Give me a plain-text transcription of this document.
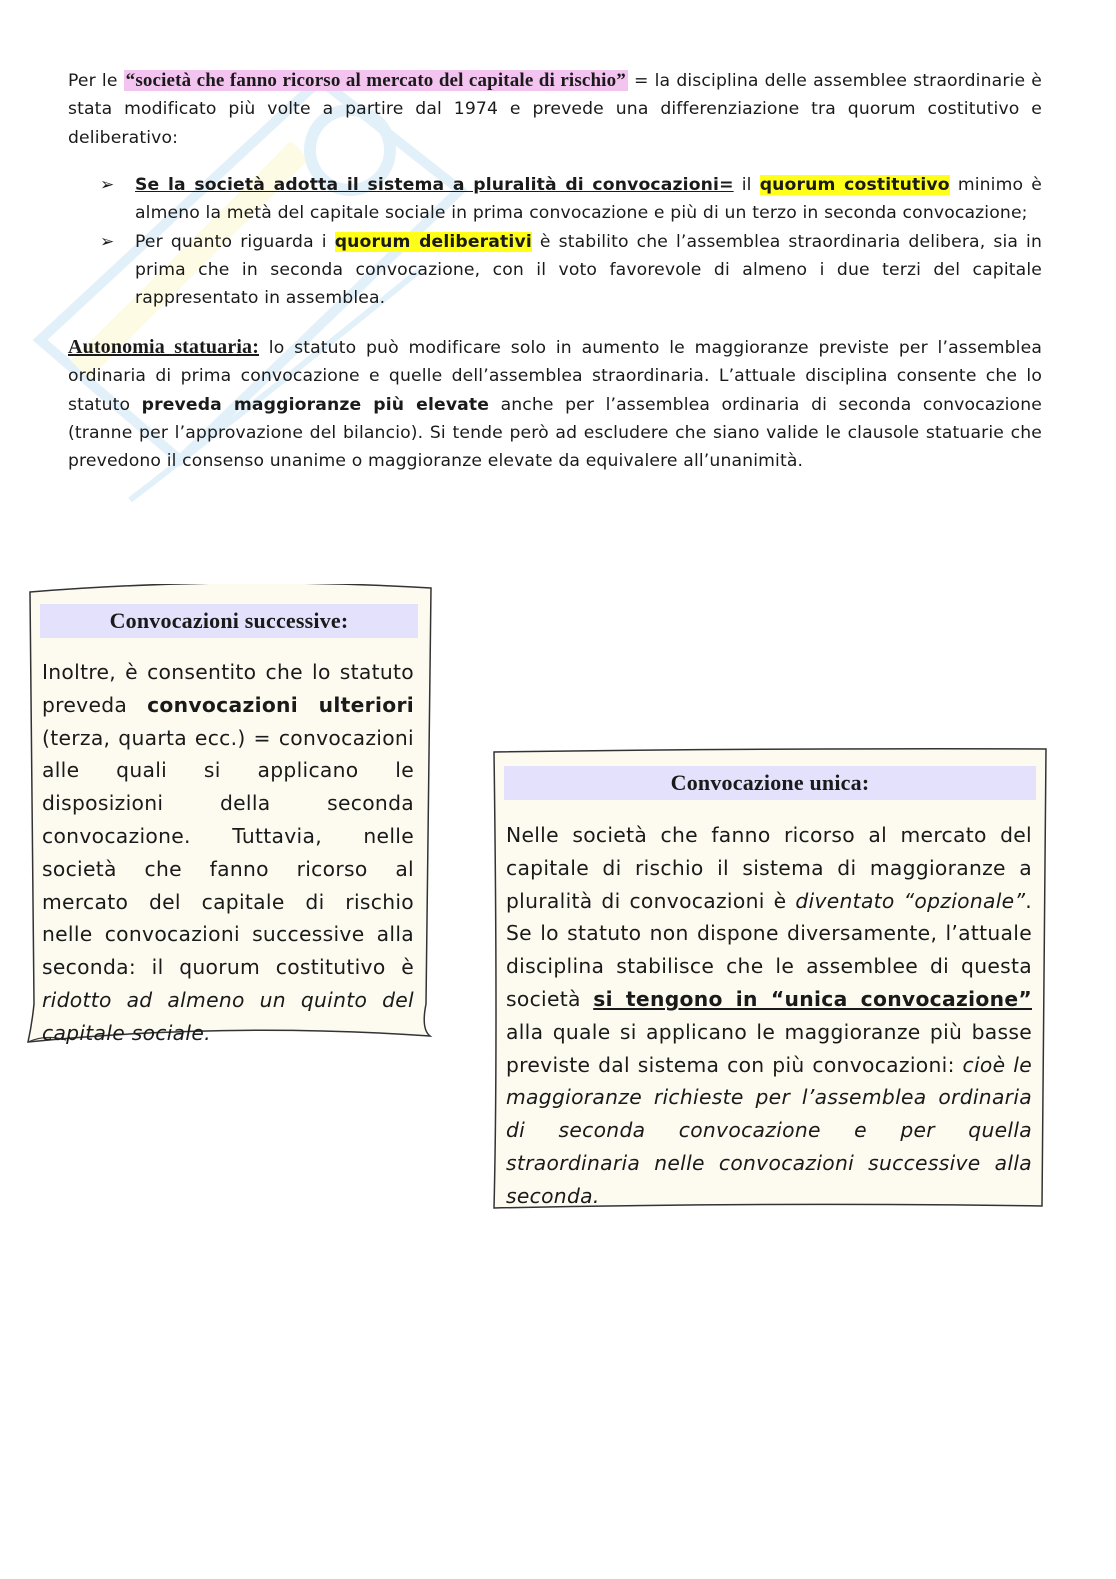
Per le “società che fanno ricorso al mercato del capitale di rischio” = la disciplina delle assemblee straordinarie è stata modificato più volte a partire dal 1974 e prevede una differenziazione tra quorum costitutivo e deliberativo:
➢ Se la società adotta il sistema a pluralità di convocazioni= il quorum costitutivo minimo è almeno la metà del capitale sociale in prima convocazione e più di un terzo in seconda convocazione;
➢ Per quanto riguarda i quorum deliberativi è stabilito che l’assemblea straordinaria delibera, sia in prima che in seconda convocazione, con il voto favorevole di almeno i due terzi del capitale rappresentato in assemblea.
Autonomia statuaria: lo statuto può modificare solo in aumento le maggioranze previste per l’assemblea ordinaria di prima convocazione e quelle dell’assemblea straordinaria. L’attuale disciplina consente che lo statuto preveda maggioranze più elevate anche per l’assemblea ordinaria di seconda convocazione (tranne per l’approvazione del bilancio). Si tende però ad escludere che siano valide le clausole statuarie che prevedono il consenso unanime o maggioranze elevate da equivalere all’unanimità.
Convocazioni successive:
Inoltre, è consentito che lo statuto preveda convocazioni ulteriori (terza, quarta ecc.) = convocazioni alle quali si applicano le disposizioni della seconda convocazione. Tuttavia, nelle società che fanno ricorso al mercato del capitale di rischio nelle convocazioni successive alla seconda: il quorum costitutivo è ridotto ad almeno un quinto del capitale sociale.
Convocazione unica:
Nelle società che fanno ricorso al mercato del capitale di rischio il sistema di maggioranze a pluralità di convocazioni è diventato “opzionale”. Se lo statuto non dispone diversamente, l’attuale disciplina stabilisce che le assemblee di questa società si tengono in “unica convocazione” alla quale si applicano le maggioranze più basse previste dal sistema con più convocazioni: cioè le maggioranze richieste per l’assemblea ordinaria di seconda convocazione e per quella straordinaria nelle convocazioni successive alla seconda.
